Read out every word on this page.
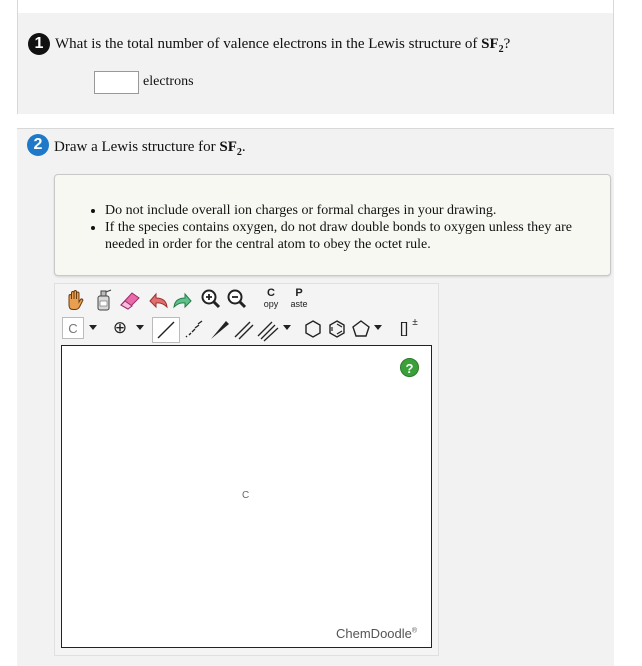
1 What is the total number of valence electrons in the Lewis structure of $SF_2$?
electrons
2 Draw a Lewis structure for $SF_2$.
• Do not include overall ion charges or formal charges in your drawing.
• If the species contains oxygen, do not draw double bonds to oxygen unless they are needed in order for the central atom to obey the octet rule.
C
opy
P
aste
C	⊕	[] ±
C
?
ChemDoodle®
